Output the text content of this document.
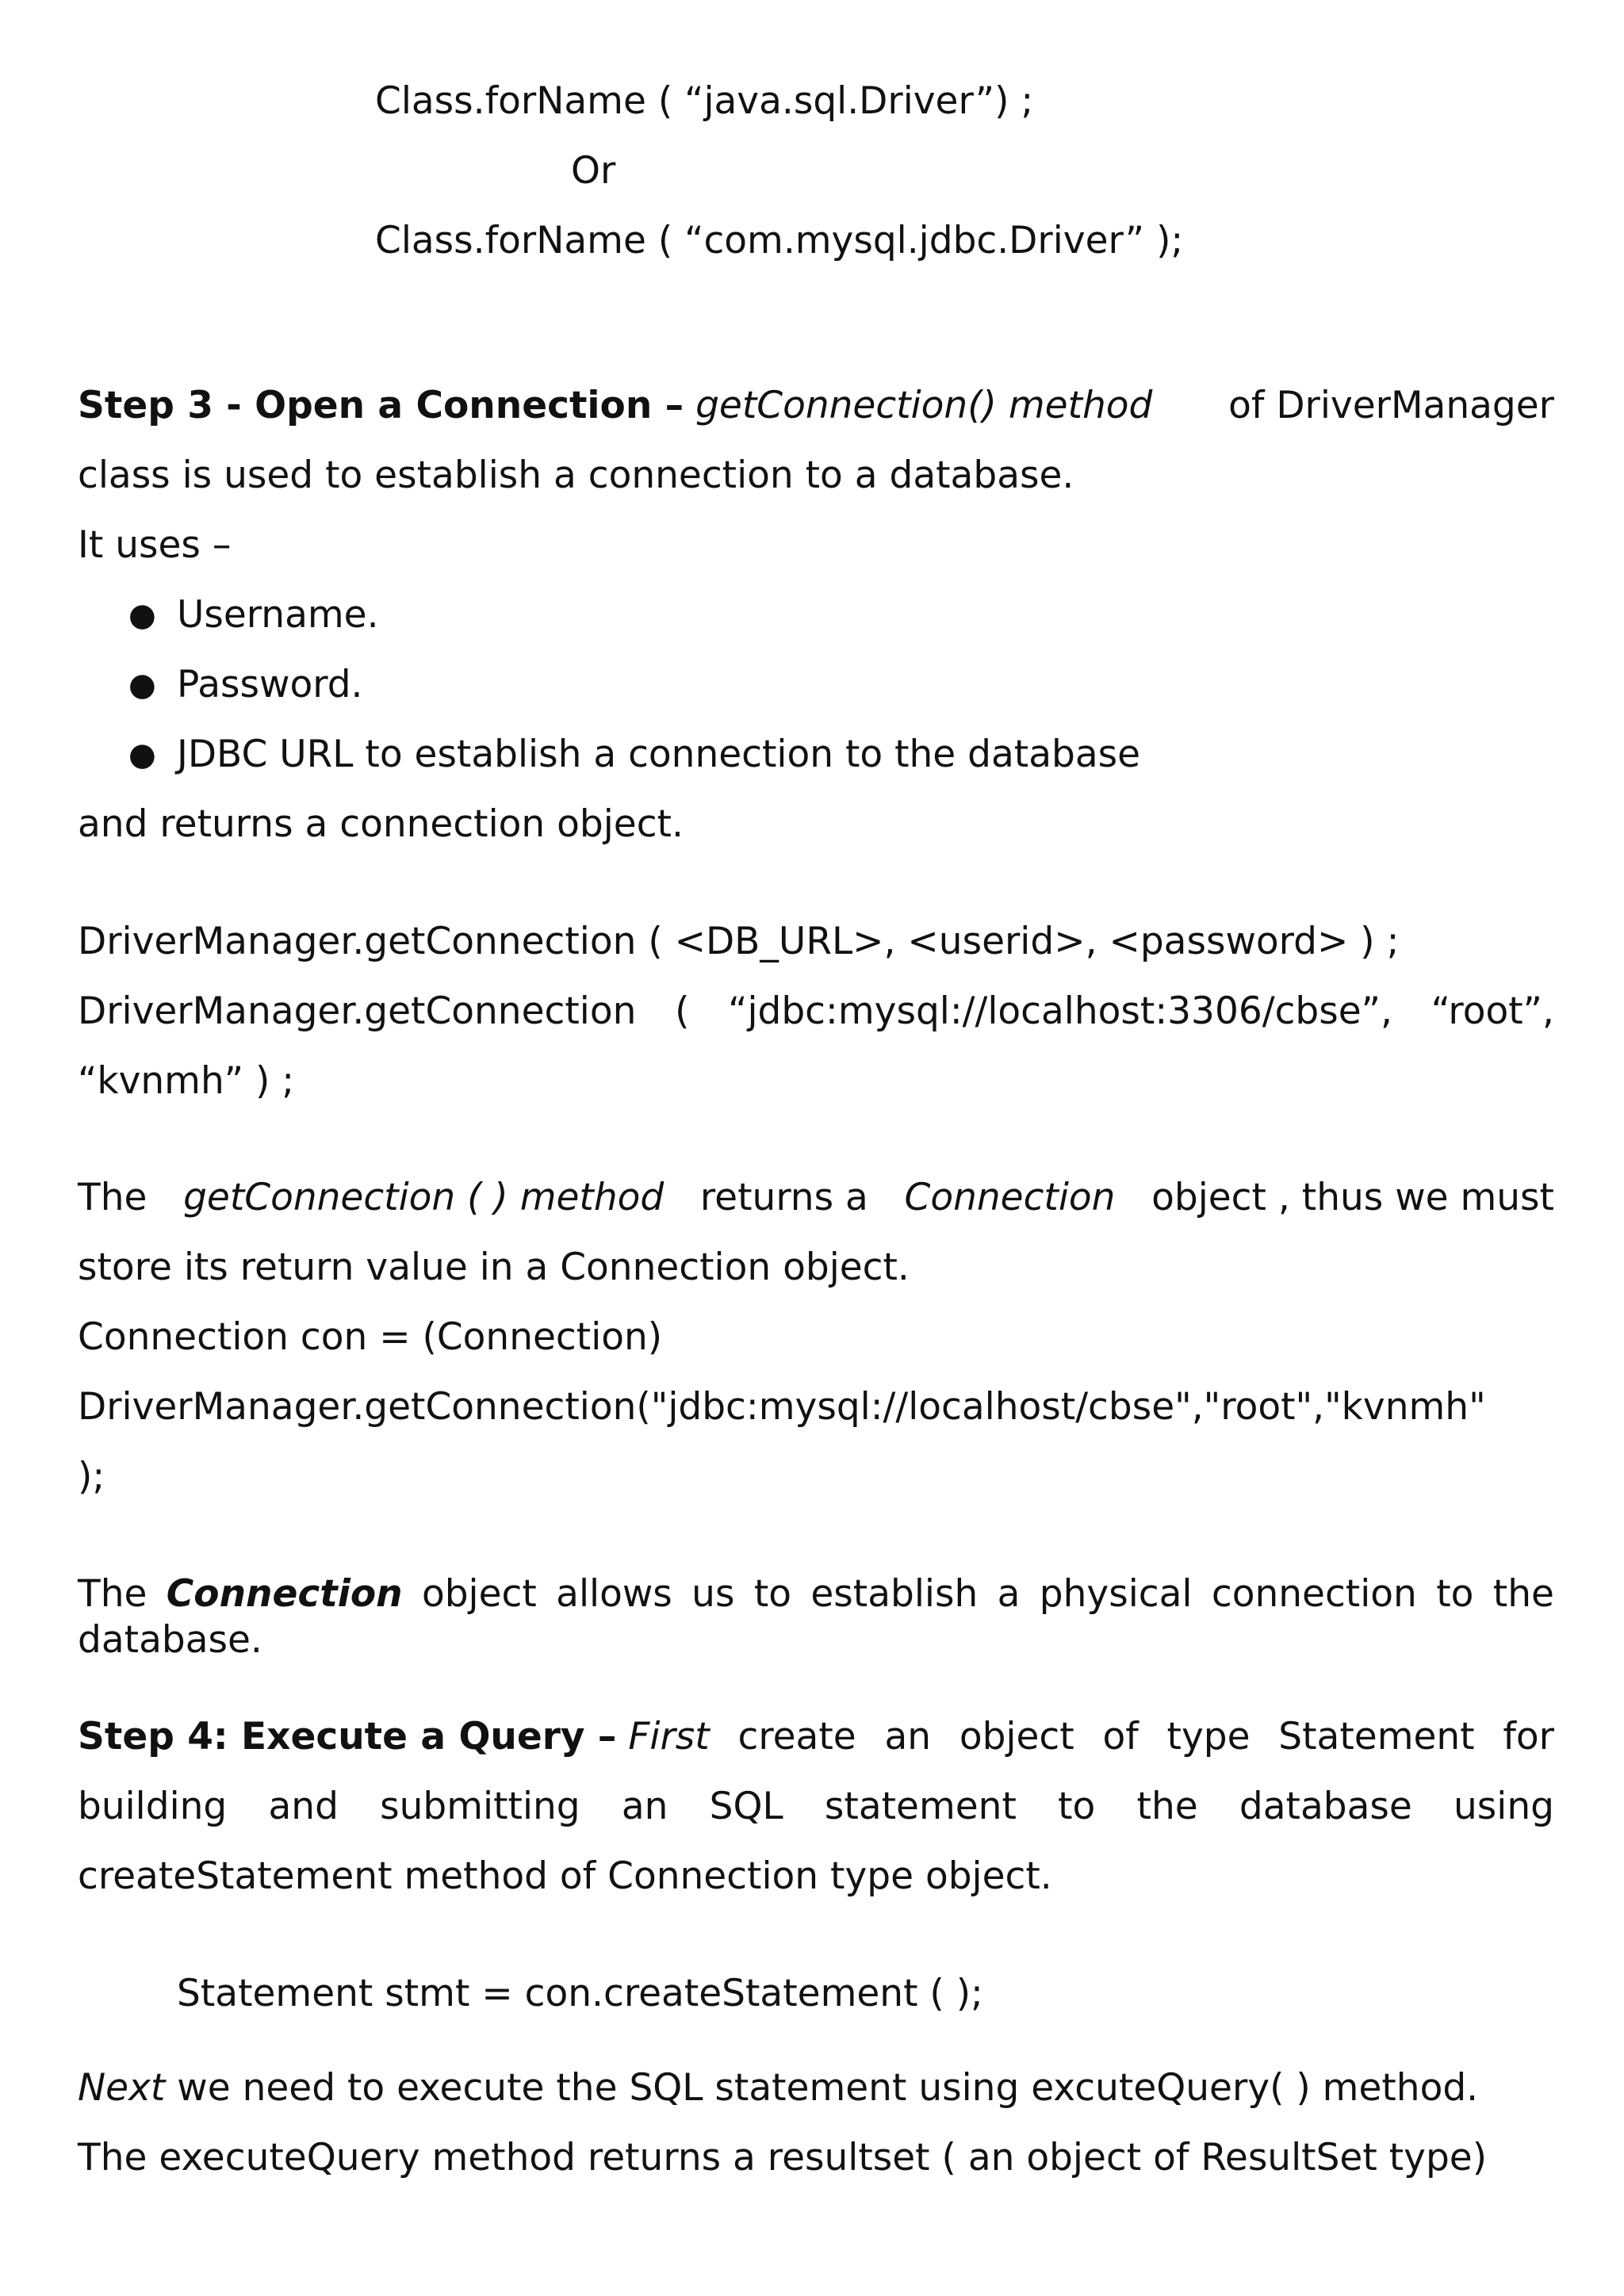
Class.forName ( “java.sql.Driver”) ;
Or
Class.forName ( “com.mysql.jdbc.Driver” );
Step 3 - Open a Connection – getConnection() method of DriverManager
class is used to establish a connection to a database.
It uses –
● Username.
● Password.
● JDBC URL to establish a connection to the database
and returns a connection object.
DriverManager.getConnection ( <DB_URL>, <userid>, <password> ) ;
DriverManager.getConnection ( “jdbc:mysql://localhost:3306/cbse”, “root”,
“kvnmh” ) ;
The getConnection ( ) method returns a Connection object , thus we must
store its return value in a Connection object.
Connection con = (Connection)
DriverManager.getConnection("jdbc:mysql://localhost/cbse","root","kvnmh"
);
The Connection object allows us to establish a physical connection to the
database.
Step 4: Execute a Query – First create an object of type Statement for
building and submitting an SQL statement to the database using
createStatement method of Connection type object.
Statement stmt = con.createStatement ( );
Next we need to execute the SQL statement using excuteQuery( ) method.
The executeQuery method returns a resultset ( an object of ResultSet type)
